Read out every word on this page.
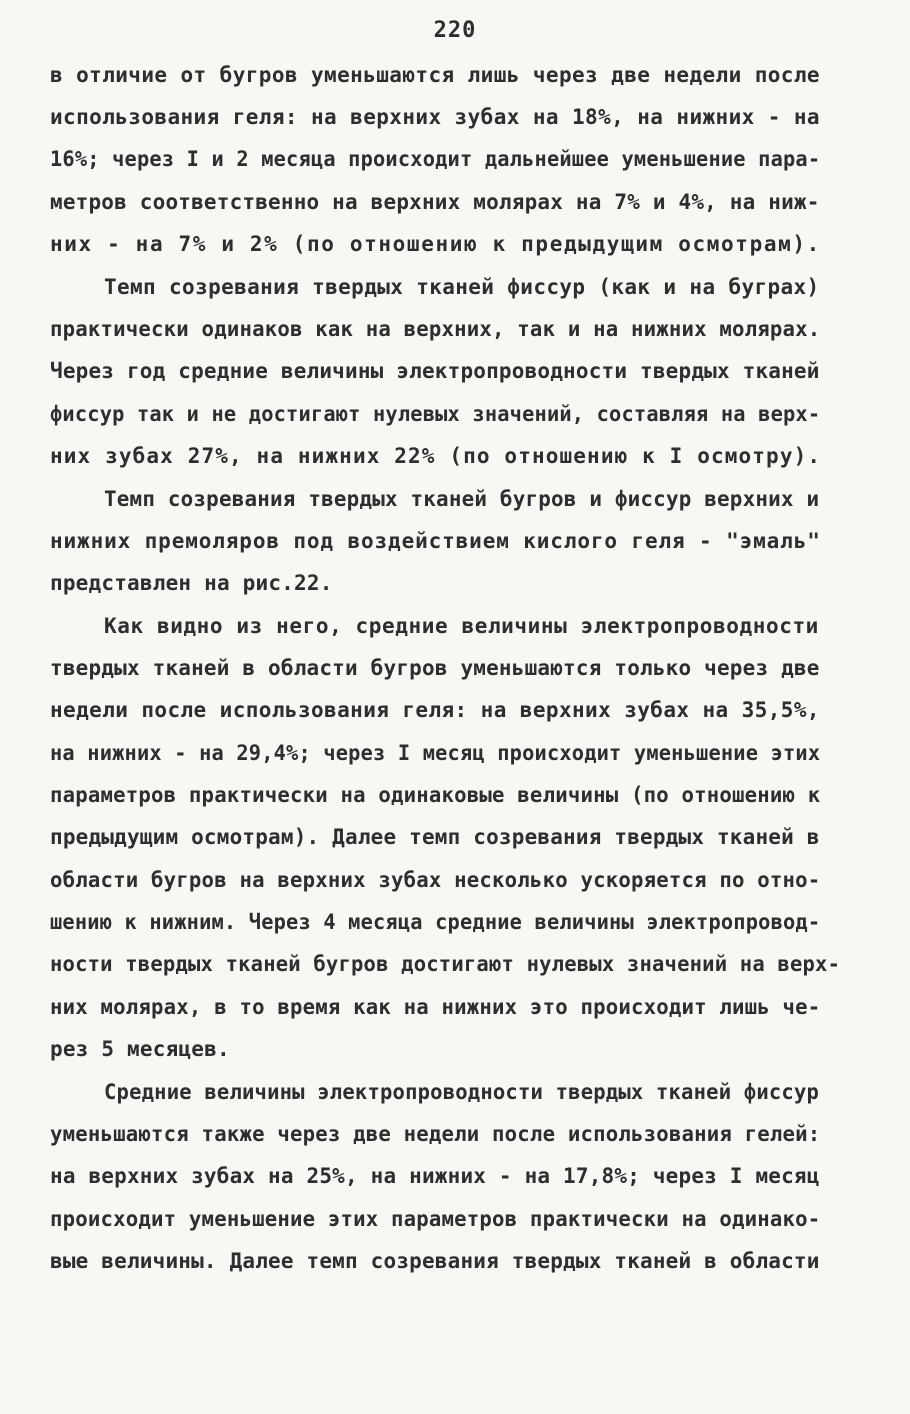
220
в отличие от бугров уменьшаются лишь через две недели после
использования геля: на верхних зубах на 18%, на нижних - на
16%; через I и 2 месяца происходит дальнейшее уменьшение пара-
метров соответственно на верхних молярах на 7% и 4%, на ниж-
них - на 7% и 2% (по отношению к предыдущим осмотрам).
Темп созревания твердых тканей фиссур (как и на буграх)
практически одинаков как на верхних, так и на нижних молярах.
Через год средние величины электропроводности твердых тканей
фиссур так и не достигают нулевых значений, составляя на верх-
них зубах 27%, на нижних 22% (по отношению к I осмотру).
Темп созревания твердых тканей бугров и фиссур верхних и
нижних премоляров под воздействием кислого геля - "эмаль"
представлен на рис.22.
Как видно из него, средние величины электропроводности
твердых тканей в области бугров уменьшаются только через две
недели после использования геля: на верхних зубах на 35,5%,
на нижних - на 29,4%; через I месяц происходит уменьшение этих
параметров практически на одинаковые величины (по отношению к
предыдущим осмотрам). Далее темп созревания твердых тканей в
области бугров на верхних зубах несколько ускоряется по отно-
шению к нижним. Через 4 месяца средние величины электропровод-
ности твердых тканей бугров достигают нулевых значений на верх-
них молярах, в то время как на нижних это происходит лишь че-
рез 5 месяцев.
Средние величины электропроводности твердых тканей фиссур
уменьшаются также через две недели после использования гелей:
на верхних зубах на 25%, на нижних - на 17,8%; через I месяц
происходит уменьшение этих параметров практически на одинако-
вые величины. Далее темп созревания твердых тканей в области
